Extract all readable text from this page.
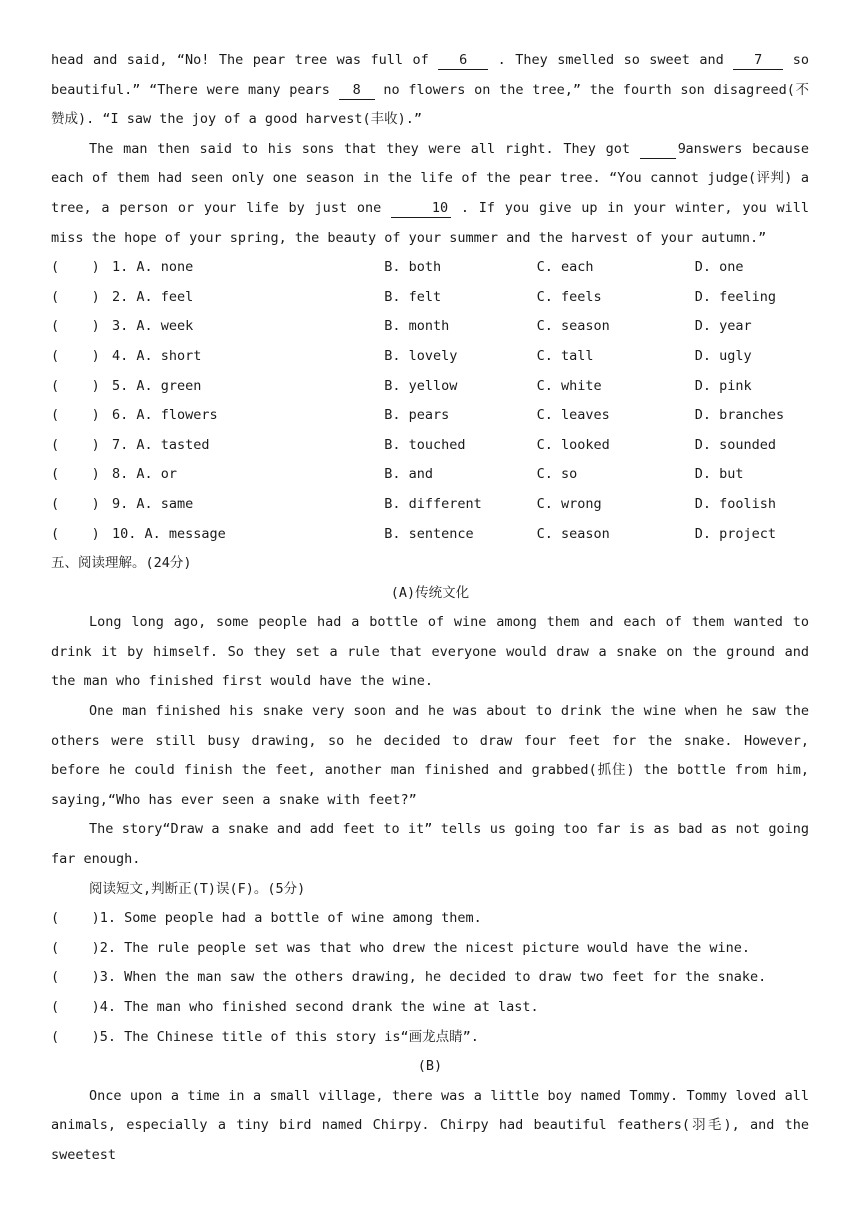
head and said, “No! The pear tree was full of 6 . They smelled so sweet and 7 so beautiful.” “There were many pears 8 no flowers on the tree,” the fourth son disagreed(不赞成). “I saw the joy of a good harvest(丰收).”

The man then said to his sons that they were all right. They got	9 answers because each of them had seen only one season in the life of the pear tree. “You cannot judge(评判) a tree, a person or your life by just one	10 . If you give up in your winter, you will miss the hope of your spring, the beauty of your summer and the harvest of your autumn.”

(    ) 1. A. none	B. both	C. each	D. one
(    ) 2. A. feel	B. felt	C. feels	D. feeling
(    ) 3. A. week	B. month	C. season	D. year
(    ) 4. A. short	B. lovely	C. tall	D. ugly
(    ) 5. A. green	B. yellow	C. white	D. pink
(    ) 6. A. flowers	B. pears	C. leaves	D. branches
(    ) 7. A. tasted	B. touched	C. looked	D. sounded
(    ) 8. A. or	B. and	C. so	D. but
(    ) 9. A. same	B. different	C. wrong	D. foolish
(    ) 10. A. message	B. sentence	C. season	D. project

五、阅读理解。(24分)

(A)传统文化

Long long ago, some people had a bottle of wine among them and each of them wanted to drink it by himself. So they set a rule that everyone would draw a snake on the ground and the man who finished first would have the wine.

One man finished his snake very soon and he was about to drink the wine when he saw the others were still busy drawing, so he decided to draw four feet for the snake. However, before he could finish the feet, another man finished and grabbed(抓住) the bottle from him, saying,“Who has ever seen a snake with feet?”

The story“Draw a snake and add feet to it” tells us going too far is as bad as not going far enough.

阅读短文,判断正(T)误(F)。(5分)

(    )1. Some people had a bottle of wine among them.

(    )2. The rule people set was that who drew the nicest picture would have the wine.

(    )3. When the man saw the others drawing, he decided to draw two feet for the snake.

(    )4. The man who finished second drank the wine at last.

(    )5. The Chinese title of this story is“画龙点睛”.

(B)

Once upon a time in a small village, there was a little boy named Tommy. Tommy loved all animals, especially a tiny bird named Chirpy. Chirpy had beautiful feathers(羽毛), and the sweetest
